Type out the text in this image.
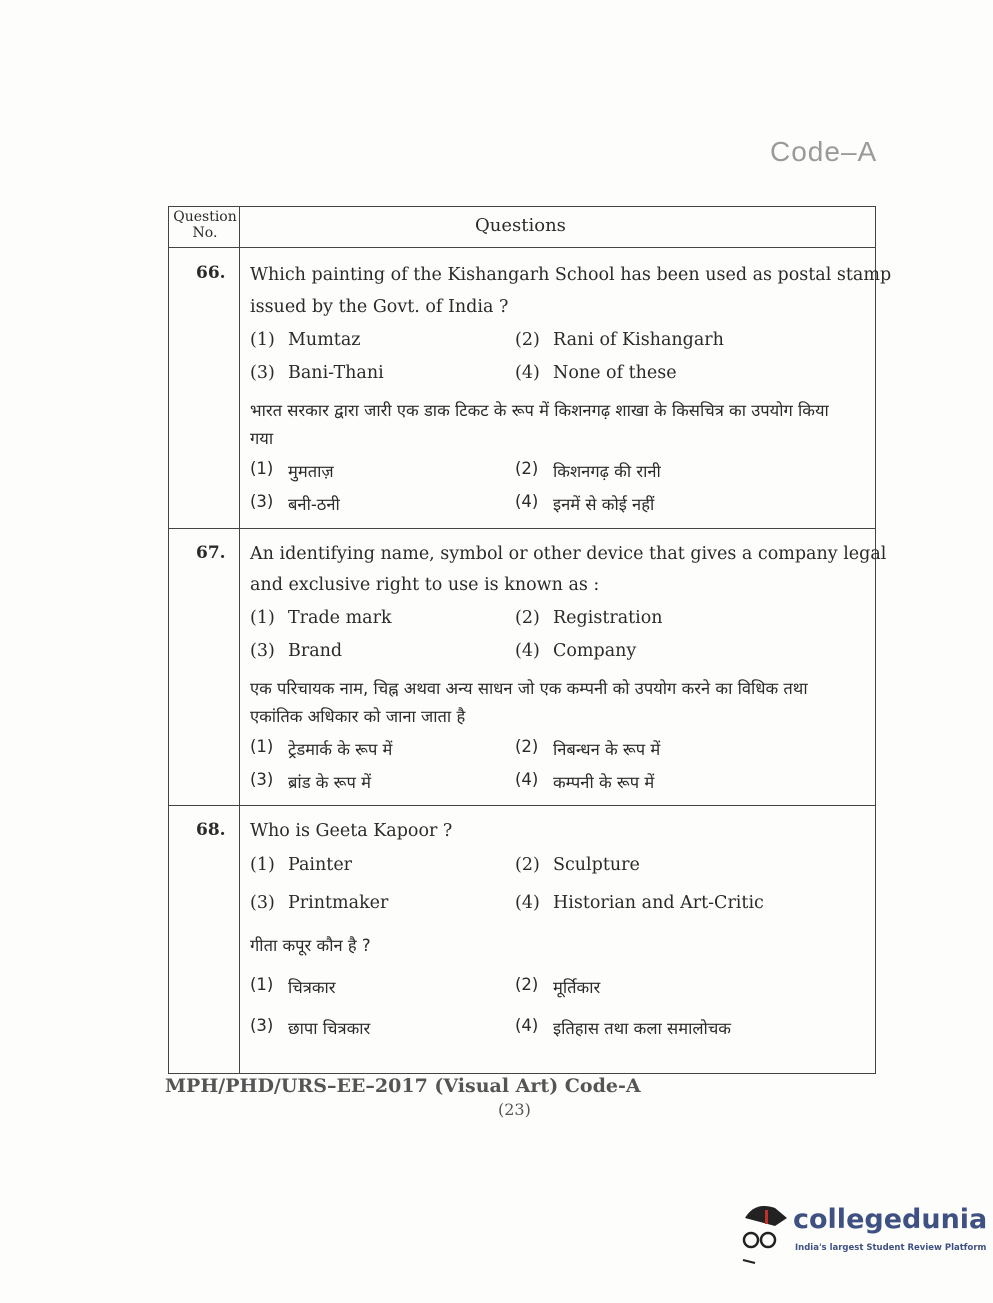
Code–A
Question No.	Questions
66. Which painting of the Kishangarh School has been used as postal stamp
issued by the Govt. of India ?
भारत सरकार द्वारा जारी एक डाक टिकट के रूप में किशनगढ़ शाखा के किसचित्र का उपयोग किया
गया
(1) Mumtaz
(1) मुमताज़
(2) Rani of Kishangarh
(2) किशनगढ़ की रानी
(3) Bani-Thani
(3) बनी-ठनी
(4) None of these
(4) इनमें से कोई नहीं
67. An identifying name, symbol or other device that gives a company legal
and exclusive right to use is known as :
एक परिचायक नाम, चिह्न अथवा अन्य साधन जो एक कम्पनी को उपयोग करने का विधिक तथा
एकांतिक अधिकार को जाना जाता है
(1) Trade mark
(1) ट्रेडमार्क के रूप में
(2) Registration
(2) निबन्धन के रूप में
(3) Brand
(3) ब्रांड के रूप में
(4) Company
(4) कम्पनी के रूप में
68. Who is Geeta Kapoor ?
गीता कपूर कौन है ?
(1) Painter
(1) चित्रकार
(2) Sculpture
(2) मूर्तिकार
(3) Printmaker
(3) छापा चित्रकार
(4) Historian and Art-Critic
(4) इतिहास तथा कला समालोचक
MPH/PHD/URS–EE–2017 (Visual Art) Code-A
(23)
collegedunia
India's largest Student Review Platform
